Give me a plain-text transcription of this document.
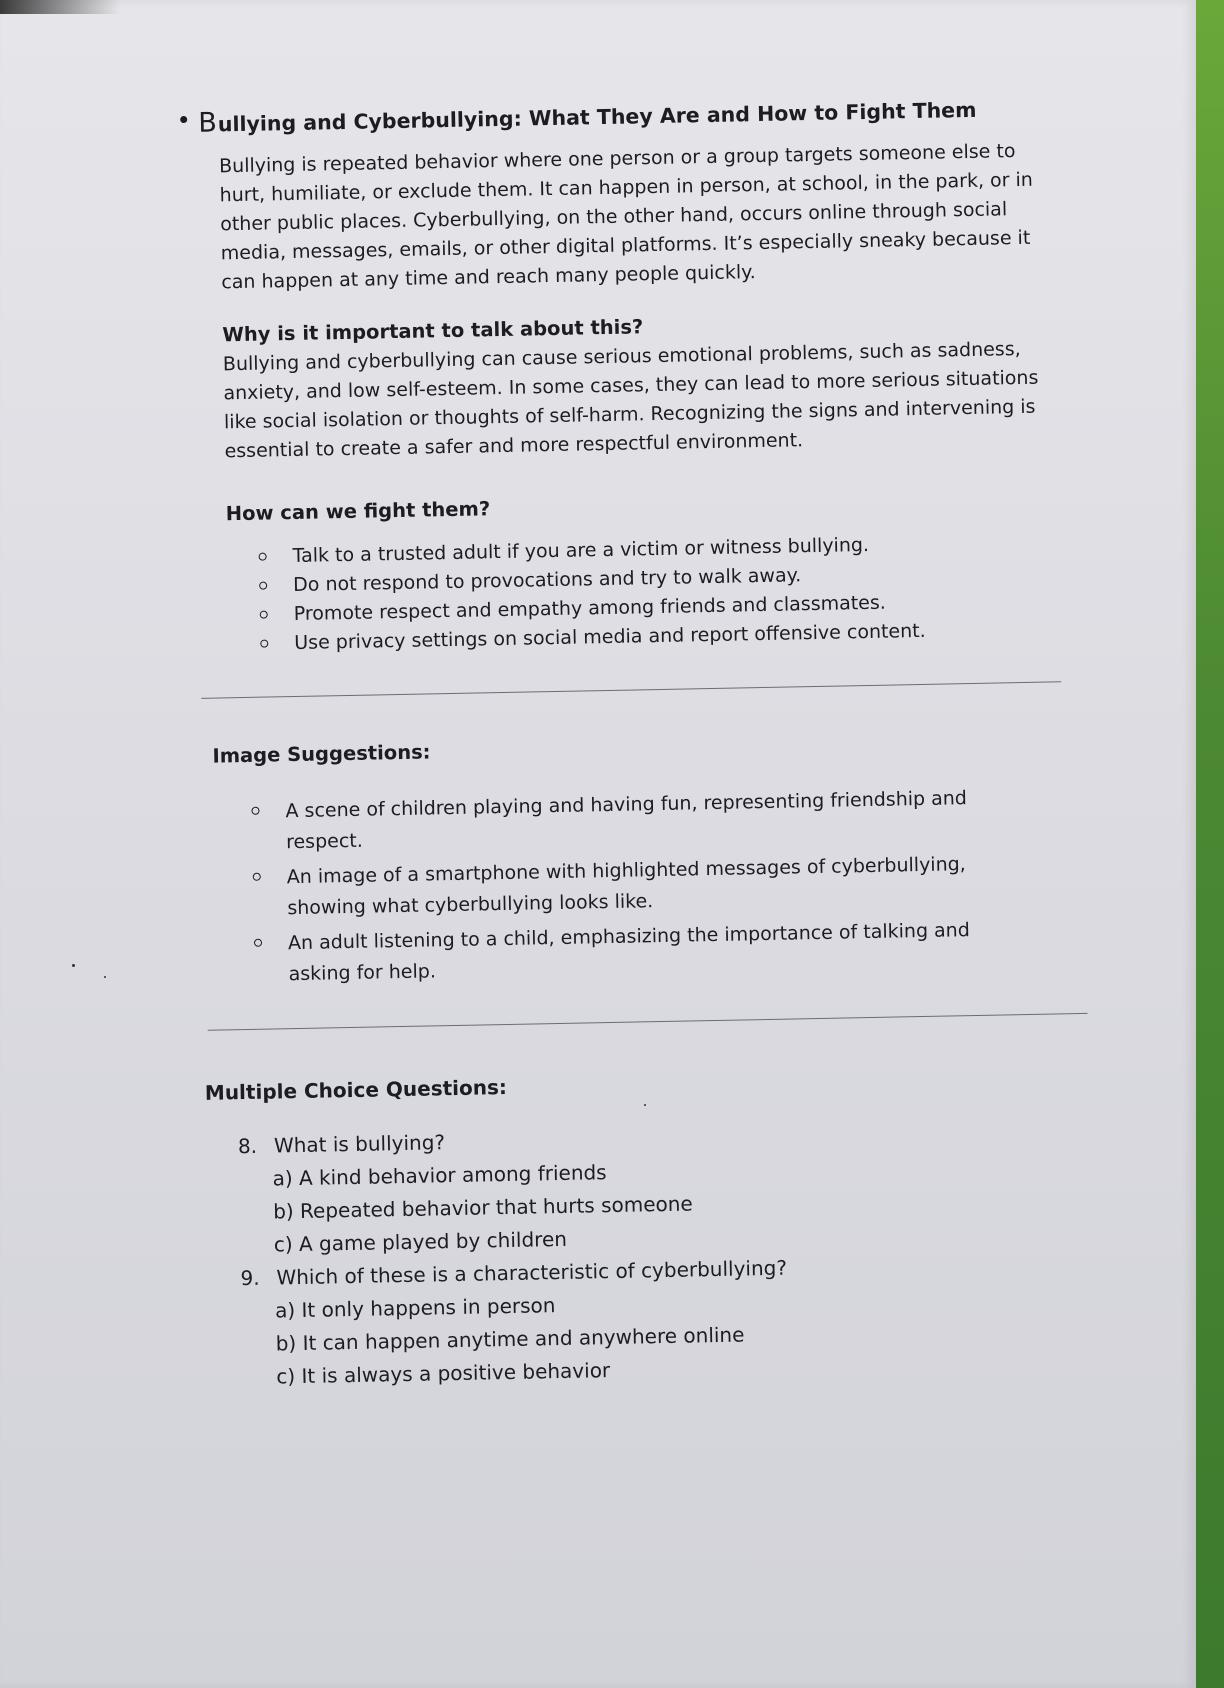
Bullying and Cyberbullying: What They Are and How to Fight Them

Bullying is repeated behavior where one person or a group targets someone else to hurt, humiliate, or exclude them. It can happen in person, at school, in the park, or in other public places. Cyberbullying, on the other hand, occurs online through social media, messages, emails, or other digital platforms. It’s especially sneaky because it can happen at any time and reach many people quickly.

Why is it important to talk about this?

Bullying and cyberbullying can cause serious emotional problems, such as sadness, anxiety, and low self-esteem. In some cases, they can lead to more serious situations like social isolation or thoughts of self-harm. Recognizing the signs and intervening is essential to create a safer and more respectful environment.

How can we fight them?
Talk to a trusted adult if you are a victim or witness bullying.
Do not respond to provocations and try to walk away.
Promote respect and empathy among friends and classmates.
Use privacy settings on social media and report offensive content.
Image Suggestions:
A scene of children playing and having fun, representing friendship and respect.
An image of a smartphone with highlighted messages of cyberbullying, showing what cyberbullying looks like.
An adult listening to a child, emphasizing the importance of talking and asking for help.
Multiple Choice Questions:
8. What is bullying?
a) A kind behavior among friends
b) Repeated behavior that hurts someone
c) A game played by children
9. Which of these is a characteristic of cyberbullying?
a) It only happens in person
b) It can happen anytime and anywhere online
c) It is always a positive behavior
